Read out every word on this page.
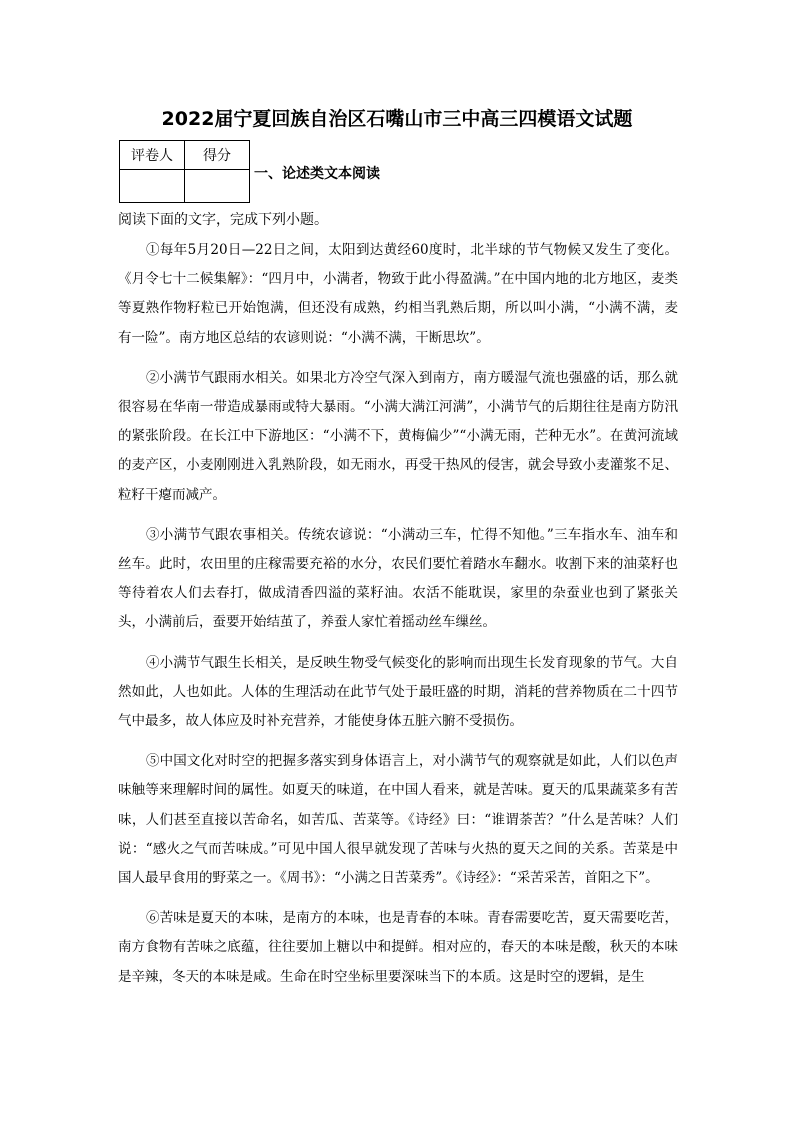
2022届宁夏回族自治区石嘴山市三中高三四模语文试题
评卷人	得分

一、论述类文本阅读
阅读下面的文字，完成下列小题。

①每年5月20日—22日之间，太阳到达黄经60度时，北半球的节气物候又发生了变化。《月令七十二候集解》：“四月中，小满者，物致于此小得盈满。”在中国内地的北方地区，麦类等夏熟作物籽粒已开始饱满，但还没有成熟，约相当乳熟后期，所以叫小满，“小满不满，麦有一险”。南方地区总结的农谚则说：“小满不满，干断思坎”。

②小满节气跟雨水相关。如果北方冷空气深入到南方，南方暖湿气流也强盛的话，那么就很容易在华南一带造成暴雨或特大暴雨。“小满大满江河满”，小满节气的后期往往是南方防汛的紧张阶段。在长江中下游地区：“小满不下，黄梅偏少”“小满无雨，芒种无水”。在黄河流域的麦产区，小麦刚刚进入乳熟阶段，如无雨水，再受干热风的侵害，就会导致小麦灌浆不足、粒籽干瘪而减产。

③小满节气跟农事相关。传统农谚说：“小满动三车，忙得不知他。”三车指水车、油车和丝车。此时，农田里的庄稼需要充裕的水分，农民们要忙着踏水车翻水。收割下来的油菜籽也等待着农人们去春打，做成清香四溢的菜籽油。农活不能耽误，家里的杂蚕业也到了紧张关头，小满前后，蚕要开始结茧了，养蚕人家忙着摇动丝车缫丝。

④小满节气跟生长相关，是反映生物受气候变化的影响而出现生长发育现象的节气。大自然如此，人也如此。人体的生理活动在此节气处于最旺盛的时期，消耗的营养物质在二十四节气中最多，故人体应及时补充营养，才能使身体五脏六腑不受损伤。

⑤中国文化对时空的把握多落实到身体语言上，对小满节气的观察就是如此，人们以色声味触等来理解时间的属性。如夏天的味道，在中国人看来，就是苦味。夏天的瓜果蔬菜多有苦味，人们甚至直接以苦命名，如苦瓜、苦菜等。《诗经》曰：“谁谓荼苦？”什么是苦味？人们说：“感火之气而苦味成。”可见中国人很早就发现了苦味与火热的夏天之间的关系。苦菜是中国人最早食用的野菜之一。《周书》：“小满之日苦菜秀”。《诗经》：“采苦采苦，首阳之下”。

⑥苦味是夏天的本味，是南方的本味，也是青春的本味。青春需要吃苦，夏天需要吃苦，南方食物有苦味之底蕴，往往要加上糖以中和提鲜。相对应的，春天的本味是酸，秋天的本味是辛辣，冬天的本味是咸。生命在时空坐标里要深味当下的本质。这是时空的逻辑，是生
